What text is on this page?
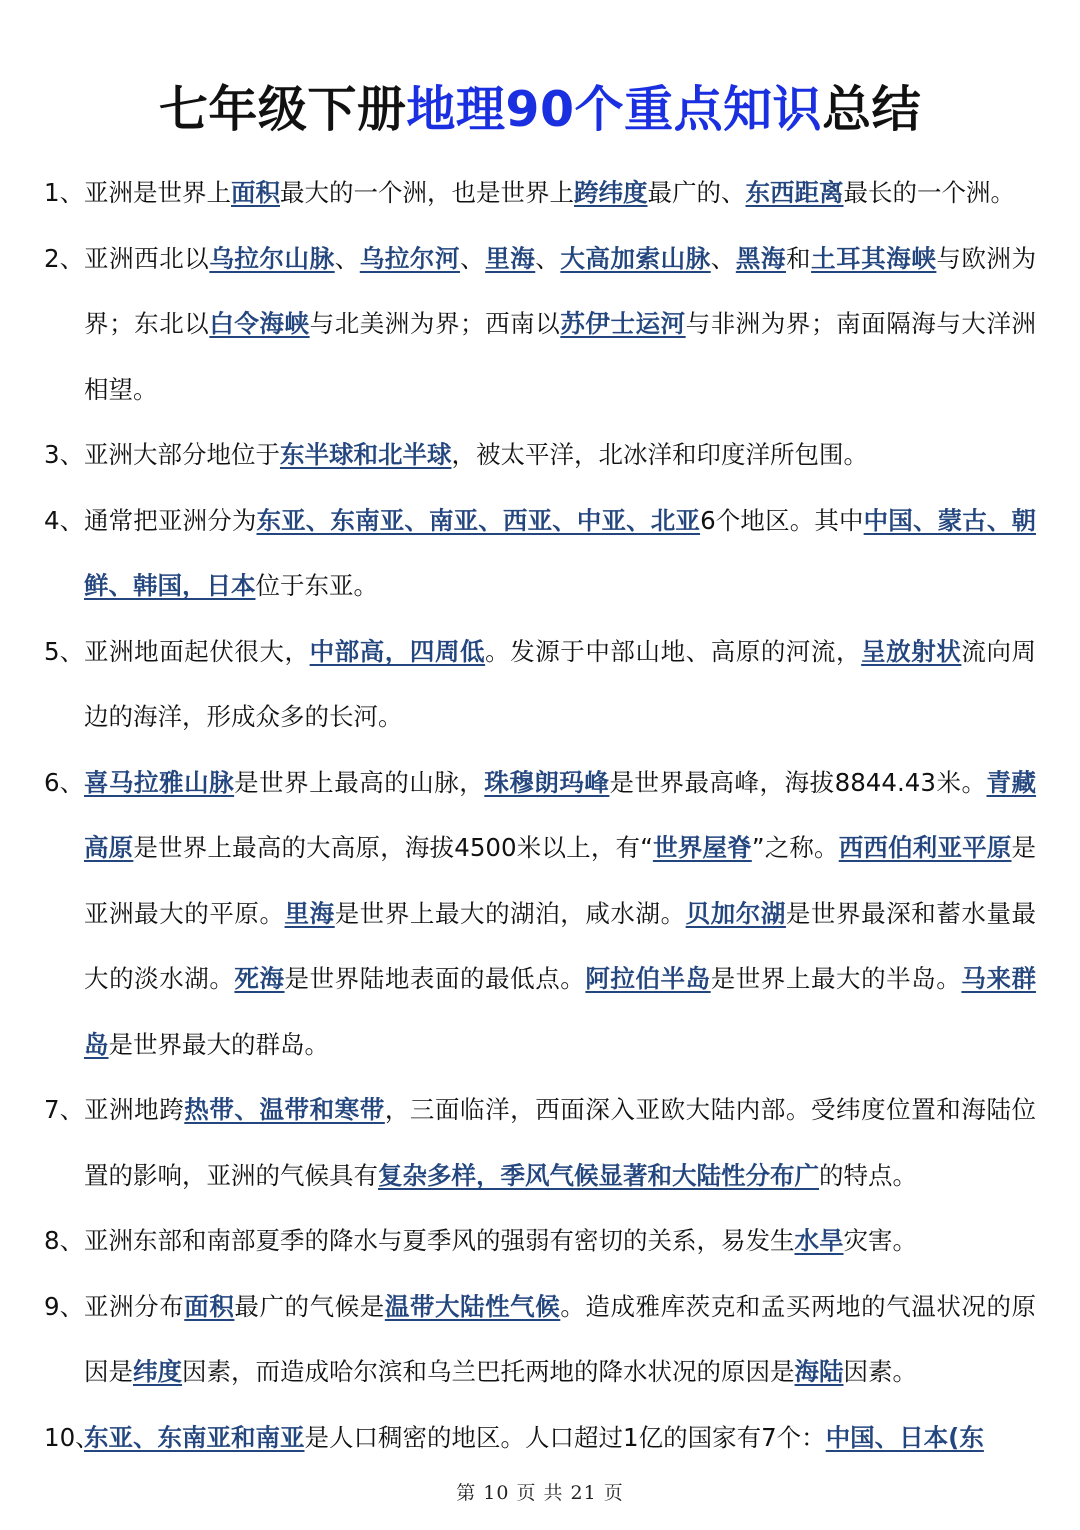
七年级下册地理90个重点知识总结

1、 亚洲是世界上面积最大的一个洲，也是世界上跨纬度最广的、东西距离最长的一个洲。

2、 亚洲西北以乌拉尔山脉、乌拉尔河、里海、大高加索山脉、黑海和土耳其海峡与欧洲为界；东北以白令海峡与北美洲为界；西南以苏伊士运河与非洲为界；南面隔海与大洋洲相望。

3、 亚洲大部分地位于东半球和北半球，被太平洋，北冰洋和印度洋所包围。

4、 通常把亚洲分为东亚、东南亚、南亚、西亚、中亚、北亚6个地区。其中中国、蒙古、朝鲜、韩国，日本位于东亚。

5、 亚洲地面起伏很大，中部高，四周低。发源于中部山地、高原的河流，呈放射状流向周边的海洋，形成众多的长河。

6、 喜马拉雅山脉是世界上最高的山脉，珠穆朗玛峰是世界最高峰，海拔8844.43米。青藏高原是世界上最高的大高原，海拔4500米以上，有“世界屋脊”之称。西西伯利亚平原是亚洲最大的平原。里海是世界上最大的湖泊，咸水湖。贝加尔湖是世界最深和蓄水量最大的淡水湖。死海是世界陆地表面的最低点。阿拉伯半岛是世界上最大的半岛。马来群岛是世界最大的群岛。

7、 亚洲地跨热带、温带和寒带，三面临洋，西面深入亚欧大陆内部。受纬度位置和海陆位置的影响，亚洲的气候具有复杂多样，季风气候显著和大陆性分布广的特点。

8、 亚洲东部和南部夏季的降水与夏季风的强弱有密切的关系，易发生水旱灾害。

9、 亚洲分布面积最广的气候是温带大陆性气候。造成雅库茨克和孟买两地的气温状况的原因是纬度因素，而造成哈尔滨和乌兰巴托两地的降水状况的原因是海陆因素。

10、
东亚、东南亚和南亚是人口稠密的地区。人口超过1亿的国家有7个：中国、日本(东

第 10 页 共 21 页
